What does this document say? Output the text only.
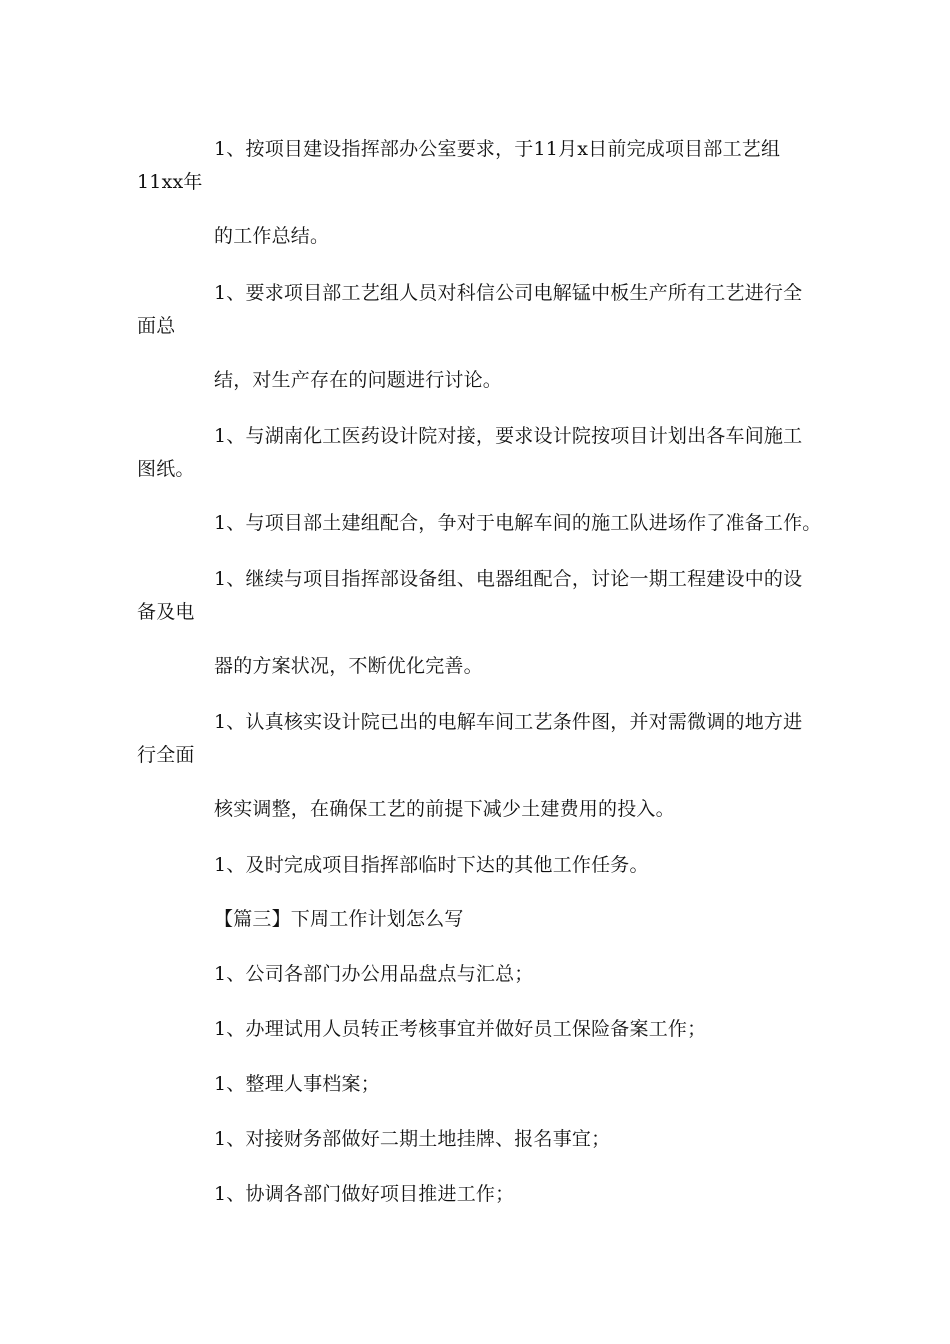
1、按项目建设指挥部办公室要求，于11月x日前完成项目部工艺组
11xx年
的工作总结。
1、要求项目部工艺组人员对科信公司电解锰中板生产所有工艺进行全
面总
结，对生产存在的问题进行讨论。
1、与湖南化工医药设计院对接，要求设计院按项目计划出各车间施工
图纸。
1、与项目部土建组配合，争对于电解车间的施工队进场作了准备工作。
1、继续与项目指挥部设备组、电器组配合，讨论一期工程建设中的设
备及电
器的方案状况，不断优化完善。
1、认真核实设计院已出的电解车间工艺条件图，并对需微调的地方进
行全面
核实调整，在确保工艺的前提下减少土建费用的投入。
1、及时完成项目指挥部临时下达的其他工作任务。
【篇三】下周工作计划怎么写
1、公司各部门办公用品盘点与汇总；
1、办理试用人员转正考核事宜并做好员工保险备案工作；
1、整理人事档案；
1、对接财务部做好二期土地挂牌、报名事宜；
1、协调各部门做好项目推进工作；
